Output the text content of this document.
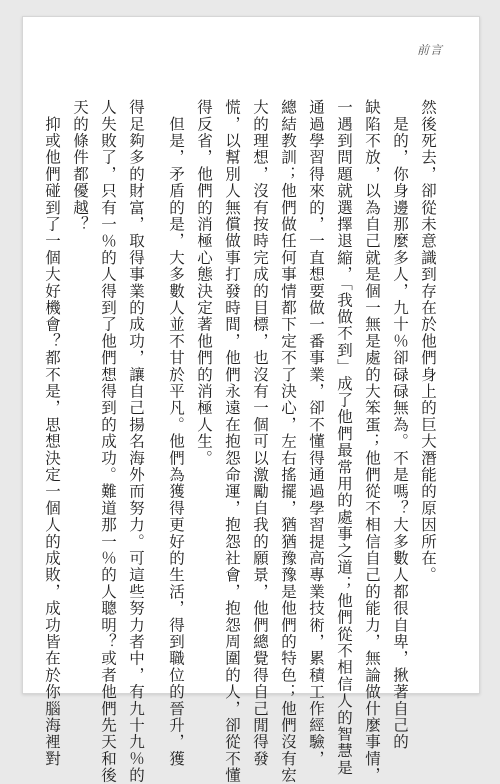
前言
然後死去，卻從未意識到存在於他們身上的巨大潛能的原因所在。
　是的，你身邊那麼多人，九十％卻碌碌無為。不是嗎？大多數人都很自卑，揪著自己的
缺陷不放，以為自己就是個一無是處的大笨蛋；他們從不相信自己的能力，無論做什麼事情，
一遇到問題就選擇退縮，「我做不到」成了他們最常用的處事之道；他們從不相信人的智慧是
通過學習得來的，一直想要做一番事業，卻不懂得通過學習提高專業技術，累積工作經驗，
總結教訓；他們做任何事情都下定不了決心，左右搖擺，猶猶豫豫是他們的特色；他們沒有宏
大的理想，沒有按時完成的目標，也沒有一個可以激勵自我的願景，他們總覺得自己閒得發
慌，以幫別人無償做事打發時間，他們永遠在抱怨命運，抱怨社會，抱怨周圍的人，卻從不懂
得反省，他們的消極心態決定著他們的消極人生。
　但是，矛盾的是，大多數人並不甘於平凡。他們為獲得更好的生活，得到職位的晉升，獲
得足夠多的財富，取得事業的成功，讓自己揚名海外而努力。可這些努力者中，有九十九％的
人失敗了，只有一％的人得到了他們想得到的成功。難道那一％的人聰明？或者他們先天和後
天的條件都優越？
　抑或他們碰到了一個大好機會？都不是，思想決定一個人的成敗，成功皆在於你腦海裡對
